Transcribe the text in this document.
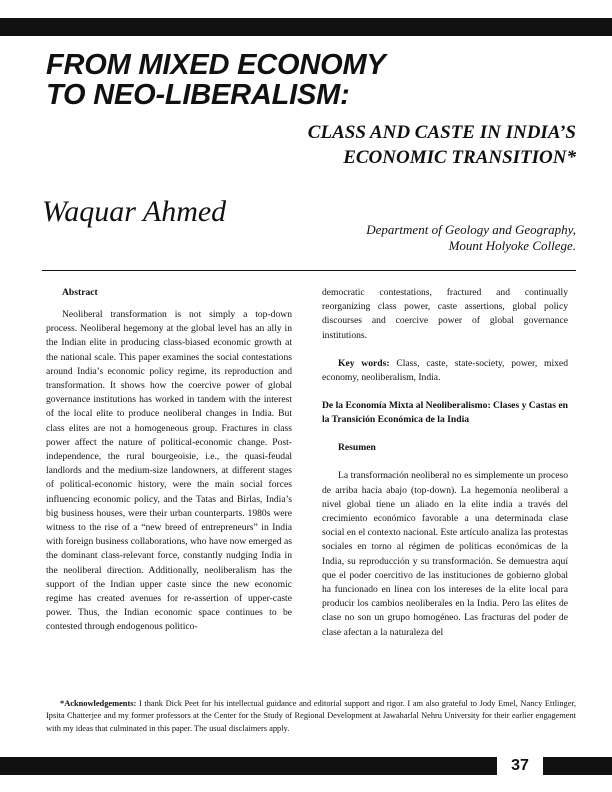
FROM MIXED ECONOMY
TO NEO-LIBERALISM:
CLASS AND CASTE IN INDIA’S
ECONOMIC TRANSITION*
Waquar Ahmed
Department of Geology and Geography,
Mount Holyoke College.
Abstract

Neoliberal transformation is not simply a top-down process. Neoliberal hegemony at the global level has an ally in the Indian elite in producing class-biased economic growth at the national scale. This paper examines the social contestations around India’s economic policy regime, its reproduction and transformation. It shows how the coercive power of global governance institutions has worked in tandem with the interest of the local elite to produce neoliberal changes in India. But class elites are not a homogeneous group. Fractures in class power affect the nature of political-economic change. Post-independence, the rural bourgeoisie, i.e., the quasi-feudal landlords and the medium-size landowners, at different stages of political-economic history, were the main social forces influencing economic policy, and the Tatas and Birlas, India’s big business houses, were their urban counterparts. 1980s were witness to the rise of a “new breed of entrepreneurs” in India with foreign business collaborations, who have now emerged as the dominant class-relevant force, constantly nudging India in the neoliberal direction. Additionally, neoliberalism has the support of the Indian upper caste since the new economic regime has created avenues for re-assertion of upper-caste power. Thus, the Indian economic space continues to be contested through endogenous politico-

democratic contestations, fractured and continually reorganizing class power, caste assertions, global policy discourses and coercive power of global governance institutions.

Key words: Class, caste, state-society, power, mixed economy, neoliberalism, India.

De la Economía Mixta al Neoliberalismo: Clases y Castas en la Transición Económica de la India

Resumen

La transformación neoliberal no es simplemente un proceso de arriba hacia abajo (top-down). La hegemonía neoliberal a nivel global tiene un aliado en la elite india a través del crecimiento económico favorable a una determinada clase social en el contexto nacional. Este artículo analiza las protestas sociales en torno al régimen de políticas económicas de la India, su reproducción y su transformación. Se demuestra aquí que el poder coercitivo de las instituciones de gobierno global ha funcionado en línea con los intereses de la elite local para producir los cambios neoliberales en la India. Pero las elites de clase no son un grupo homogéneo. Las fracturas del poder de clase afectan a la naturaleza del

*Acknowledgements: I thank Dick Peet for his intellectual guidance and editorial support and rigor. I am also grateful to Jody Emel, Nancy Ettlinger, Ipsita Chatterjee and my former professors at the Center for the Study of Regional Development at Jawaharlal Nehru University for their earlier engagement with my ideas that culminated in this paper. The usual disclaimers apply.

37
